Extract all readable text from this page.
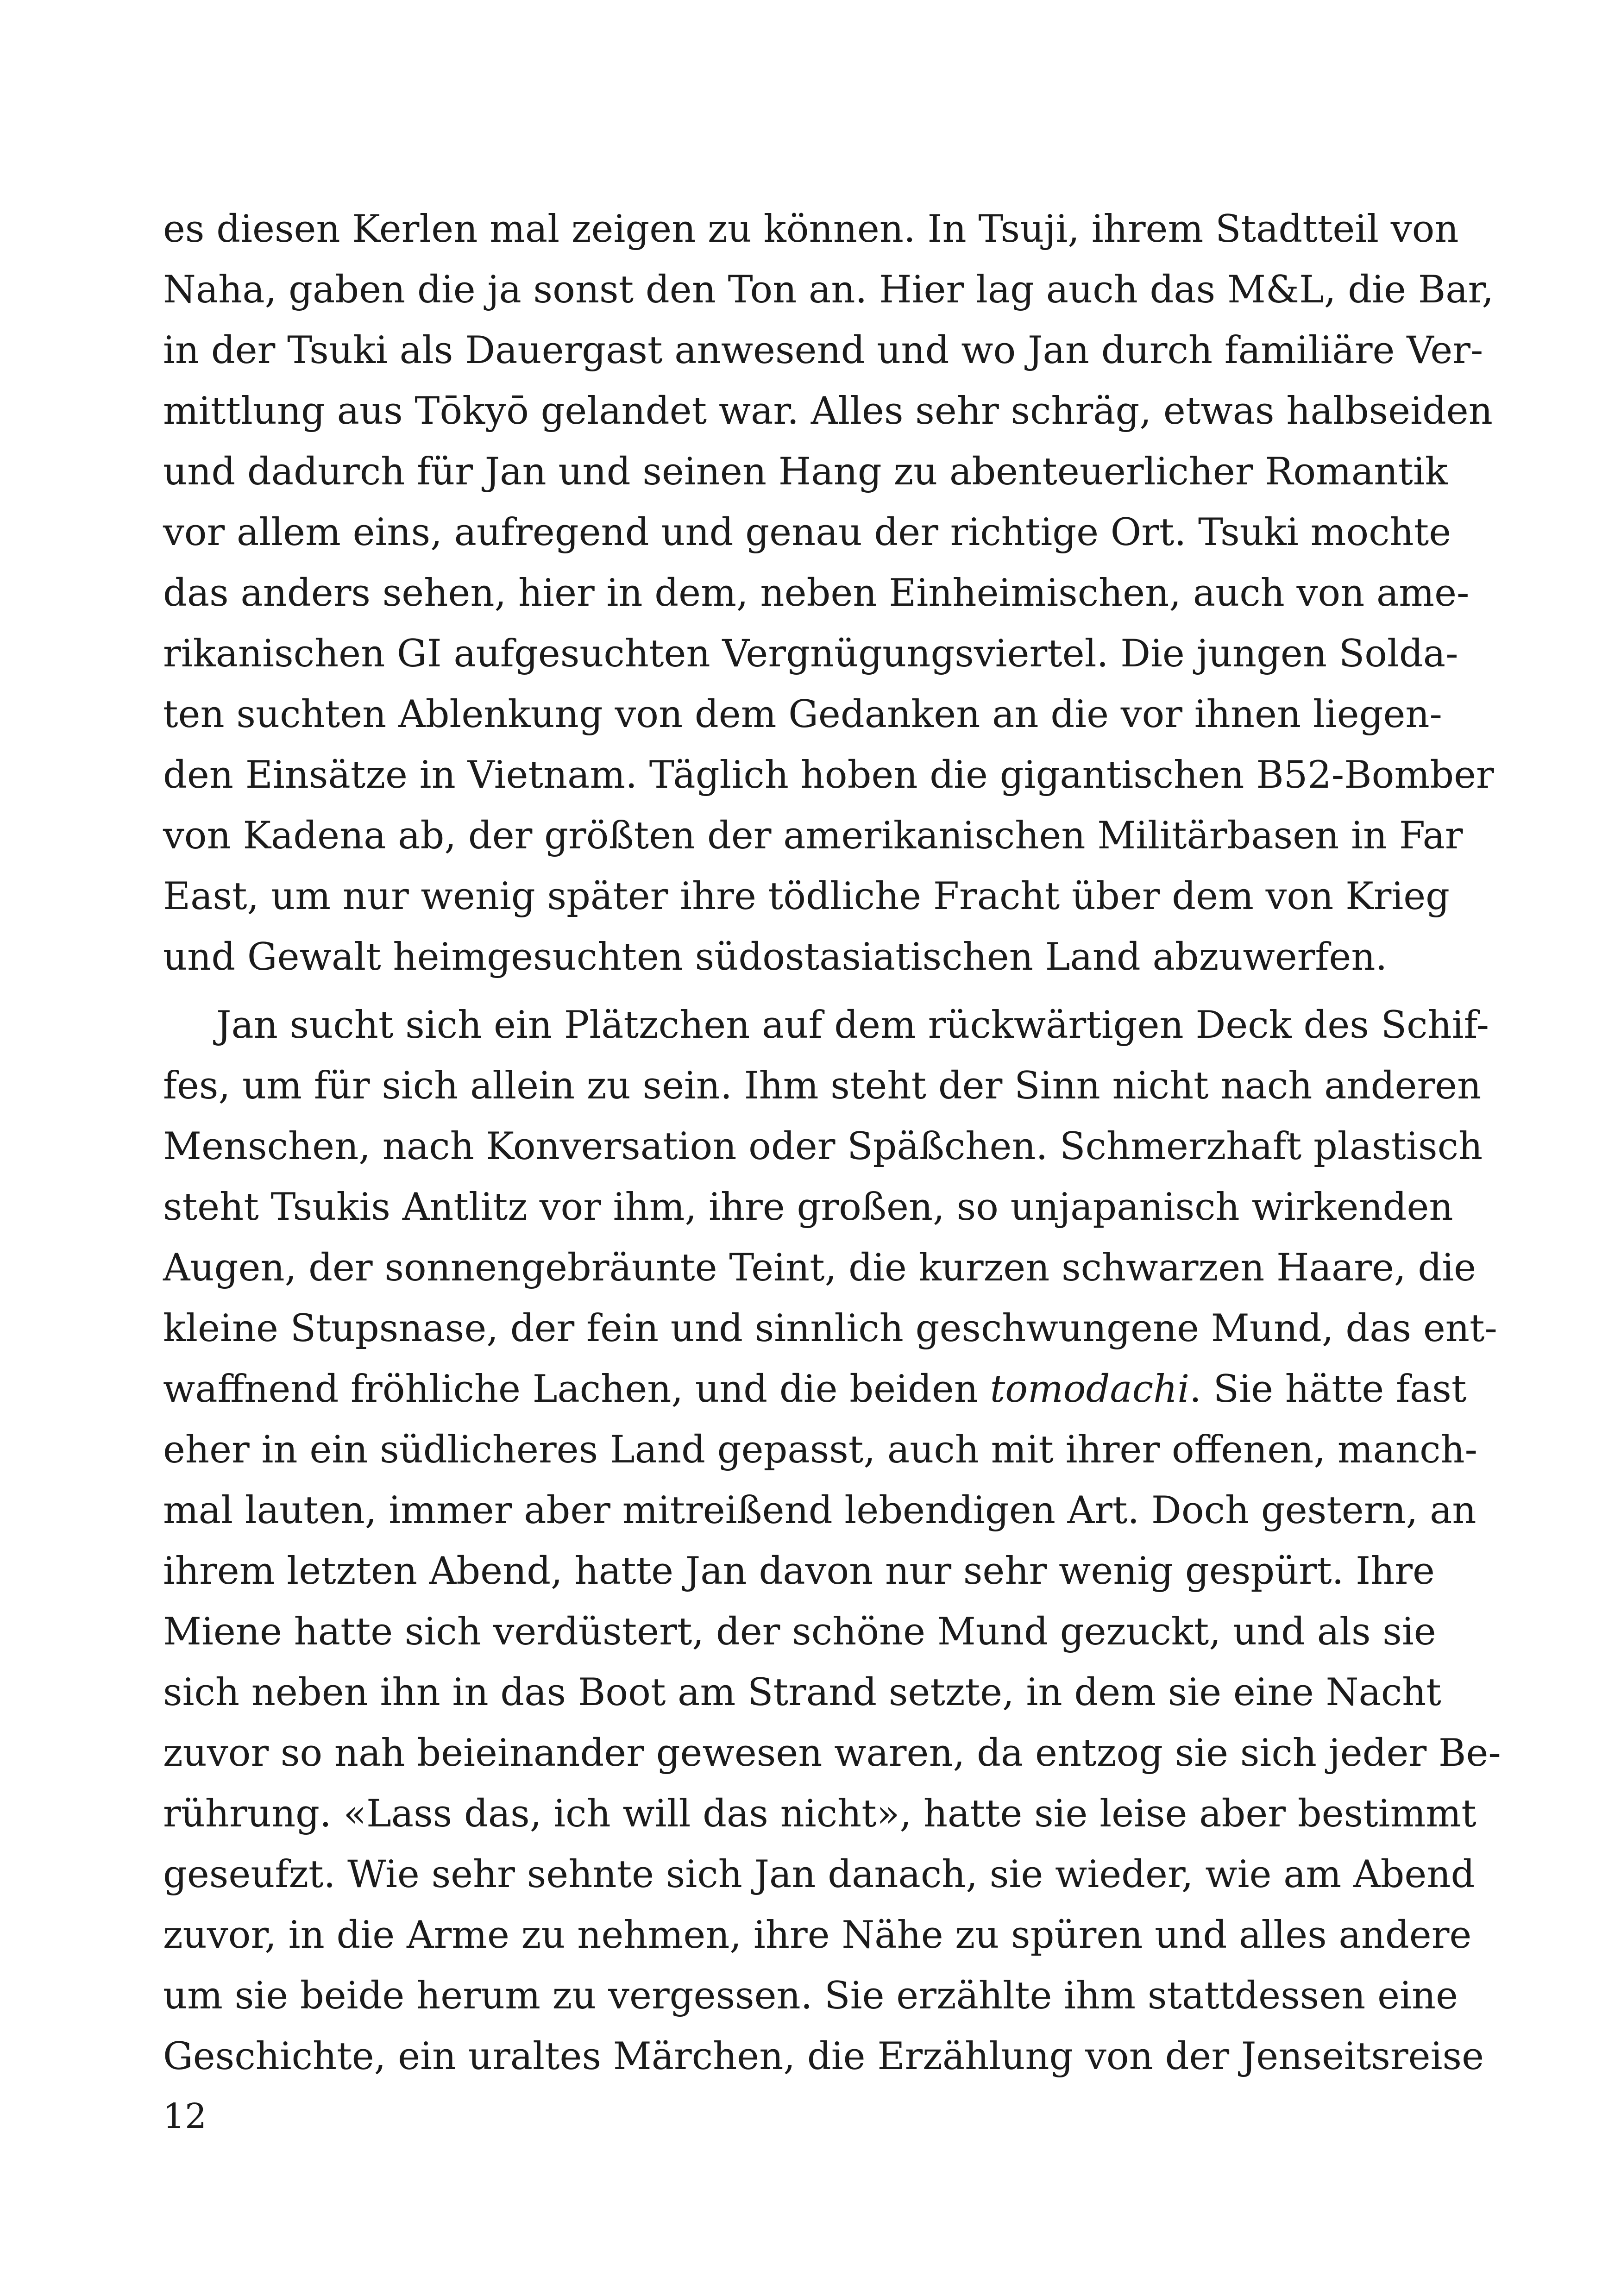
es diesen Kerlen mal zeigen zu können. In Tsuji, ihrem Stadtteil von
Naha, gaben die ja sonst den Ton an. Hier lag auch das M&L, die Bar,
in der Tsuki als Dauergast anwesend und wo Jan durch familiäre Ver-
mittlung aus Tōkyō gelandet war. Alles sehr schräg, etwas halbseiden
und dadurch für Jan und seinen Hang zu abenteuerlicher Romantik
vor allem eins, aufregend und genau der richtige Ort. Tsuki mochte
das anders sehen, hier in dem, neben Einheimischen, auch von ame-
rikanischen GI aufgesuchten Vergnügungsviertel. Die jungen Solda-
ten suchten Ablenkung von dem Gedanken an die vor ihnen liegen-
den Einsätze in Vietnam. Täglich hoben die gigantischen B52-Bomber
von Kadena ab, der größten der amerikanischen Militärbasen in Far
East, um nur wenig später ihre tödliche Fracht über dem von Krieg
und Gewalt heimgesuchten südostasiatischen Land abzuwerfen.
Jan sucht sich ein Plätzchen auf dem rückwärtigen Deck des Schif-
fes, um für sich allein zu sein. Ihm steht der Sinn nicht nach anderen
Menschen, nach Konversation oder Späßchen. Schmerzhaft plastisch
steht Tsukis Antlitz vor ihm, ihre großen, so unjapanisch wirkenden
Augen, der sonnengebräunte Teint, die kurzen schwarzen Haare, die
kleine Stupsnase, der fein und sinnlich geschwungene Mund, das ent-
waffnend fröhliche Lachen, und die beiden tomodachi. Sie hätte fast
eher in ein südlicheres Land gepasst, auch mit ihrer offenen, manch-
mal lauten, immer aber mitreißend lebendigen Art. Doch gestern, an
ihrem letzten Abend, hatte Jan davon nur sehr wenig gespürt. Ihre
Miene hatte sich verdüstert, der schöne Mund gezuckt, und als sie
sich neben ihn in das Boot am Strand setzte, in dem sie eine Nacht
zuvor so nah beieinander gewesen waren, da entzog sie sich jeder Be-
rührung. «Lass das, ich will das nicht», hatte sie leise aber bestimmt
geseufzt. Wie sehr sehnte sich Jan danach, sie wieder, wie am Abend
zuvor, in die Arme zu nehmen, ihre Nähe zu spüren und alles andere
um sie beide herum zu vergessen. Sie erzählte ihm stattdessen eine
Geschichte, ein uraltes Märchen, die Erzählung von der Jenseitsreise
12
